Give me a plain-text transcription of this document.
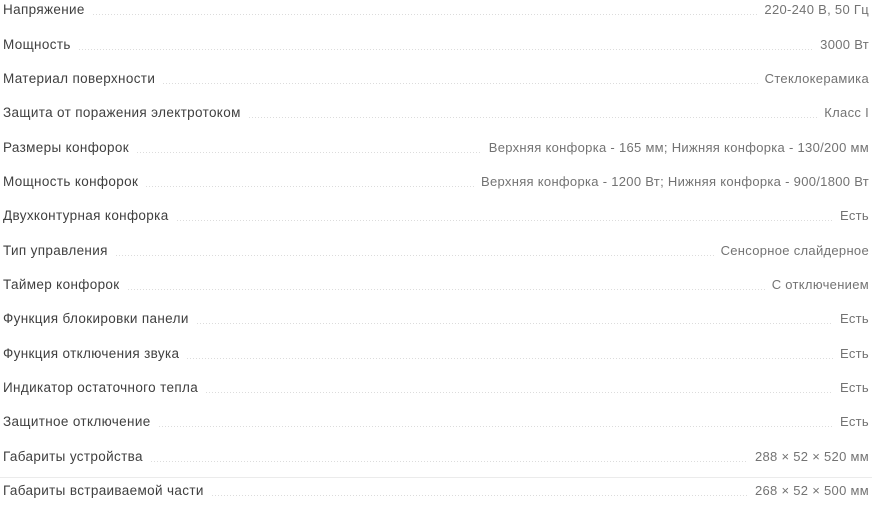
Напряжение	220-240 В, 50 Гц
Мощность	3000 Вт
Материал поверхности	Стеклокерамика
Защита от поражения электротоком	Класс I
Размеры конфорок	Верхняя конфорка - 165 мм; Нижняя конфорка - 130/200 мм
Мощность конфорок	Верхняя конфорка - 1200 Вт; Нижняя конфорка - 900/1800 Вт
Двухконтурная конфорка	Есть
Тип управления	Сенсорное слайдерное
Таймер конфорок	С отключением
Функция блокировки панели	Есть
Функция отключения звука	Есть
Индикатор остаточного тепла	Есть
Защитное отключение	Есть
Габариты устройства	288 × 52 × 520 мм
Габариты встраиваемой части	268 × 52 × 500 мм
